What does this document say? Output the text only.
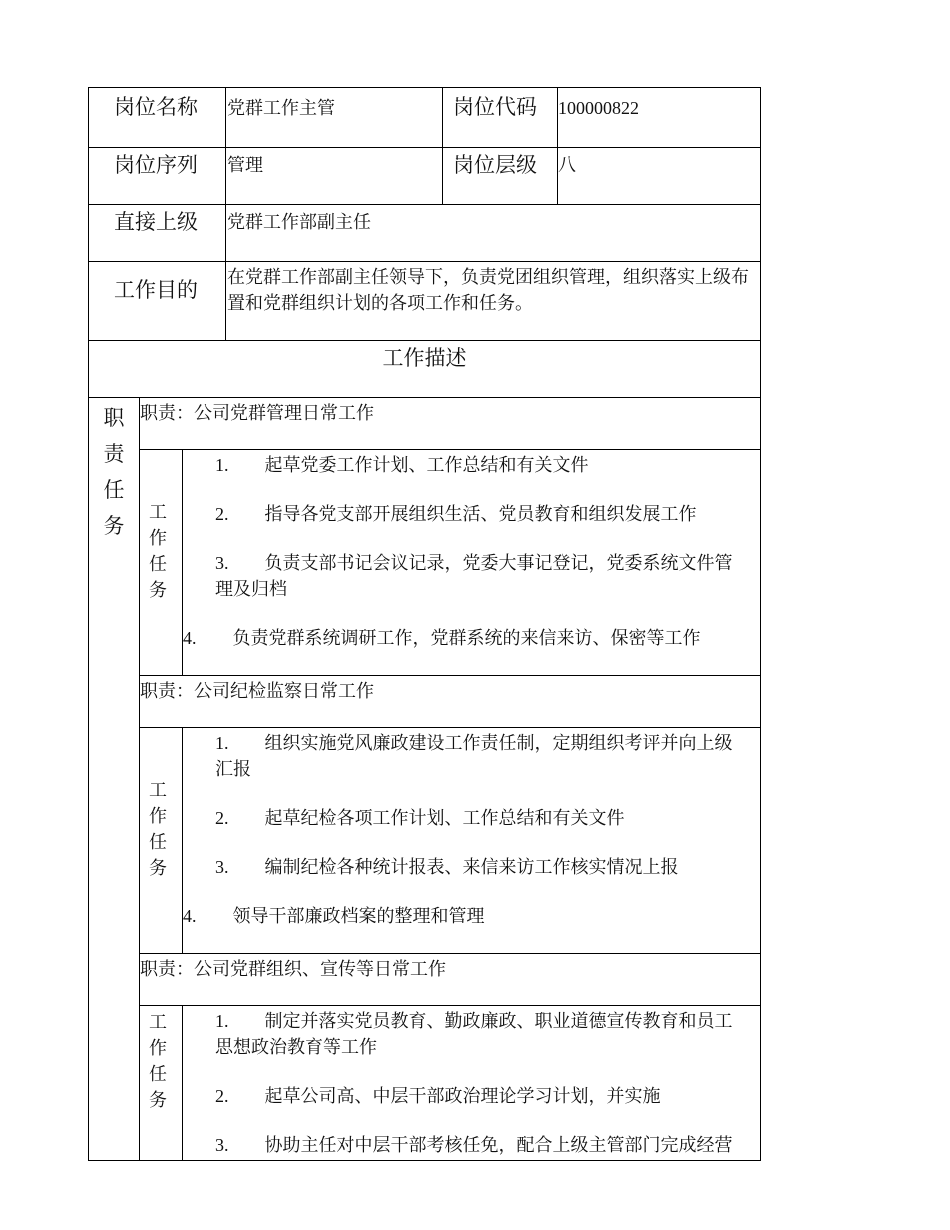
岗位名称 党群工作主管	岗位代码 100000822
岗位序列 管理	岗位层级 八
直接上级 党群工作部副主任
工作目的
在党群工作部副主任领导下，负责党团组织管理，组织落实上级布置和党群组织计划的各项工作和任务。
工作描述
职责任务
职责：公司党群管理日常工作
工作任务
1.　　起草党委工作计划、工作总结和有关文件
2.　　指导各党支部开展组织生活、党员教育和组织发展工作
3.　　负责支部书记会议记录，党委大事记登记，党委系统文件管理及归档
4.　　负责党群系统调研工作，党群系统的来信来访、保密等工作
职责：公司纪检监察日常工作
工作任务
1.　　组织实施党风廉政建设工作责任制，定期组织考评并向上级汇报
2.　　起草纪检各项工作计划、工作总结和有关文件
3.　　编制纪检各种统计报表、来信来访工作核实情况上报
4.　　领导干部廉政档案的整理和管理
职责：公司党群组织、宣传等日常工作
工作任务
1.　　制定并落实党员教育、勤政廉政、职业道德宣传教育和员工思想政治教育等工作
2.　　起草公司高、中层干部政治理论学习计划，并实施
3.　　协助主任对中层干部考核任免，配合上级主管部门完成经营
